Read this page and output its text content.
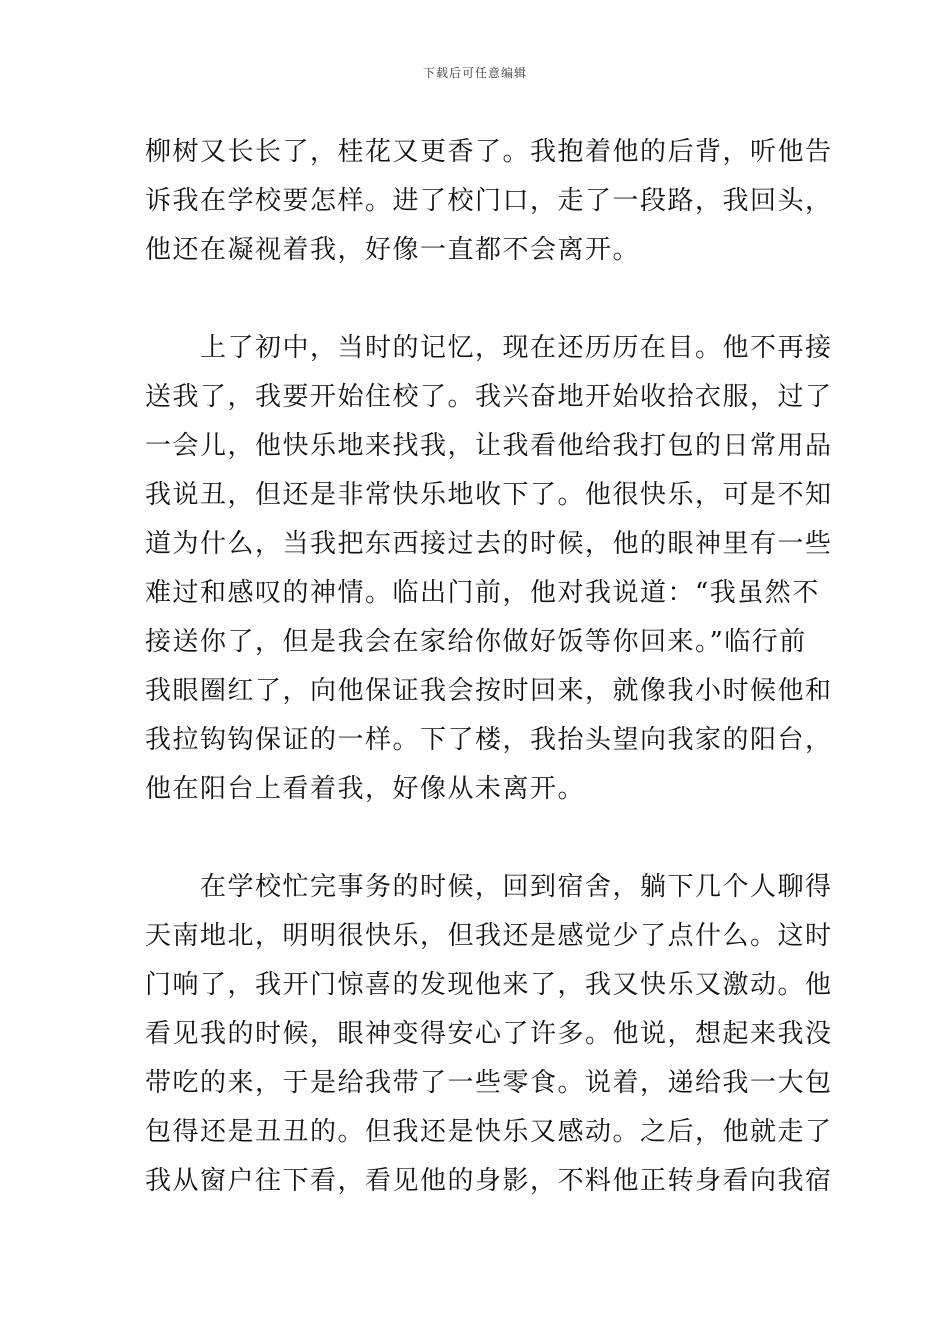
下载后可任意编辑
柳树又长长了，桂花又更香了。我抱着他的后背，听他告
诉我在学校要怎样。进了校门口，走了一段路，我回头，
他还在凝视着我，好像一直都不会离开。
　　上了初中，当时的记忆，现在还历历在目。他不再接
送我了，我要开始住校了。我兴奋地开始收拾衣服，过了
一会儿，他快乐地来找我，让我看他给我打包的日常用品
我说丑，但还是非常快乐地收下了。他很快乐，可是不知
道为什么，当我把东西接过去的时候，他的眼神里有一些
难过和感叹的神情。临出门前，他对我说道：“我虽然不
接送你了，但是我会在家给你做好饭等你回来。”临行前
我眼圈红了，向他保证我会按时回来，就像我小时候他和
我拉钩钩保证的一样。下了楼，我抬头望向我家的阳台，
他在阳台上看着我，好像从未离开。
　　在学校忙完事务的时候，回到宿舍，躺下几个人聊得
天南地北，明明很快乐，但我还是感觉少了点什么。这时
门响了，我开门惊喜的发现他来了，我又快乐又激动。他
看见我的时候，眼神变得安心了许多。他说，想起来我没
带吃的来，于是给我带了一些零食。说着，递给我一大包
包得还是丑丑的。但我还是快乐又感动。之后，他就走了
我从窗户往下看，看见他的身影，不料他正转身看向我宿
